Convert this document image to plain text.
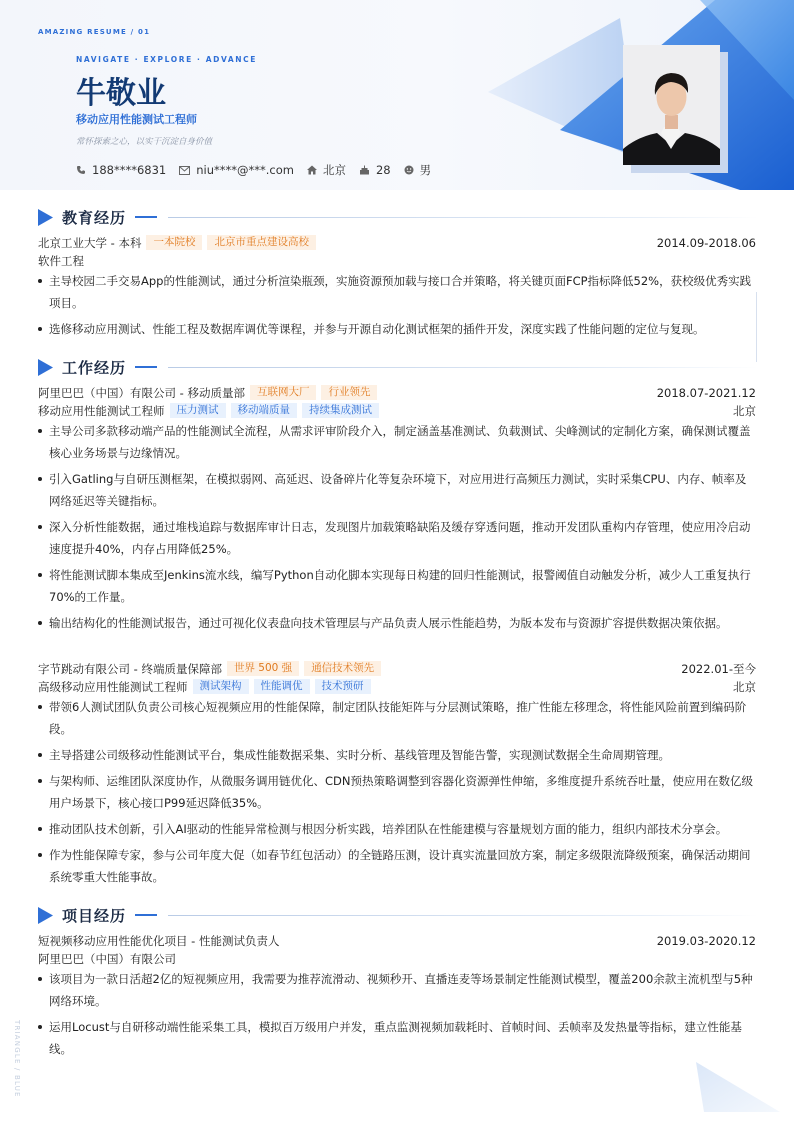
AMAZING RESUME / 01
NAVIGATE · EXPLORE · ADVANCE
牛敬业
移动应用性能测试工程师
常怀探索之心，以实干沉淀自身价值
188****6831	niu****@***.com	北京	28	男
教育经历
北京工业大学 - 本科	一本院校	北京市重点建设高校	2014.09-2018.06
软件工程
主导校园二手交易App的性能测试，通过分析渲染瓶颈，实施资源预加载与接口合并策略，将关键页面FCP指标降低52%，获校级优秀实践项目。
选修移动应用测试、性能工程及数据库调优等课程，并参与开源自动化测试框架的插件开发，深度实践了性能问题的定位与复现。
工作经历
阿里巴巴（中国）有限公司 - 移动质量部	互联网大厂	行业领先	2018.07-2021.12
移动应用性能测试工程师	压力测试	移动端质量	持续集成测试	北京
主导公司多款移动端产品的性能测试全流程，从需求评审阶段介入，制定涵盖基准测试、负载测试、尖峰测试的定制化方案，确保测试覆盖核心业务场景与边缘情况。
引入Gatling与自研压测框架，在模拟弱网、高延迟、设备碎片化等复杂环境下，对应用进行高频压力测试，实时采集CPU、内存、帧率及网络延迟等关键指标。
深入分析性能数据，通过堆栈追踪与数据库审计日志，发现图片加载策略缺陷及缓存穿透问题，推动开发团队重构内存管理，使应用冷启动速度提升40%，内存占用降低25%。
将性能测试脚本集成至Jenkins流水线，编写Python自动化脚本实现每日构建的回归性能测试，报警阈值自动触发分析，减少人工重复执行70%的工作量。
输出结构化的性能测试报告，通过可视化仪表盘向技术管理层与产品负责人展示性能趋势，为版本发布与资源扩容提供数据决策依据。
字节跳动有限公司 - 终端质量保障部	世界 500 强	通信技术领先	2022.01-至今
高级移动应用性能测试工程师	测试架构	性能调优	技术预研	北京
带领6人测试团队负责公司核心短视频应用的性能保障，制定团队技能矩阵与分层测试策略，推广性能左移理念，将性能风险前置到编码阶段。
主导搭建公司级移动性能测试平台，集成性能数据采集、实时分析、基线管理及智能告警，实现测试数据全生命周期管理。
与架构师、运维团队深度协作，从微服务调用链优化、CDN预热策略调整到容器化资源弹性伸缩，多维度提升系统吞吐量，使应用在数亿级用户场景下，核心接口P99延迟降低35%。
推动团队技术创新，引入AI驱动的性能异常检测与根因分析实践，培养团队在性能建模与容量规划方面的能力，组织内部技术分享会。
作为性能保障专家，参与公司年度大促（如春节红包活动）的全链路压测，设计真实流量回放方案，制定多级限流降级预案，确保活动期间系统零重大性能事故。
项目经历
短视频移动应用性能优化项目 - 性能测试负责人	2019.03-2020.12
阿里巴巴（中国）有限公司
该项目为一款日活超2亿的短视频应用，我需要为推荐流滑动、视频秒开、直播连麦等场景制定性能测试模型，覆盖200余款主流机型与5种网络环境。
运用Locust与自研移动端性能采集工具，模拟百万级用户并发，重点监测视频加载耗时、首帧时间、丢帧率及发热量等指标，建立性能基线。
TRIANGLE / BLUE
